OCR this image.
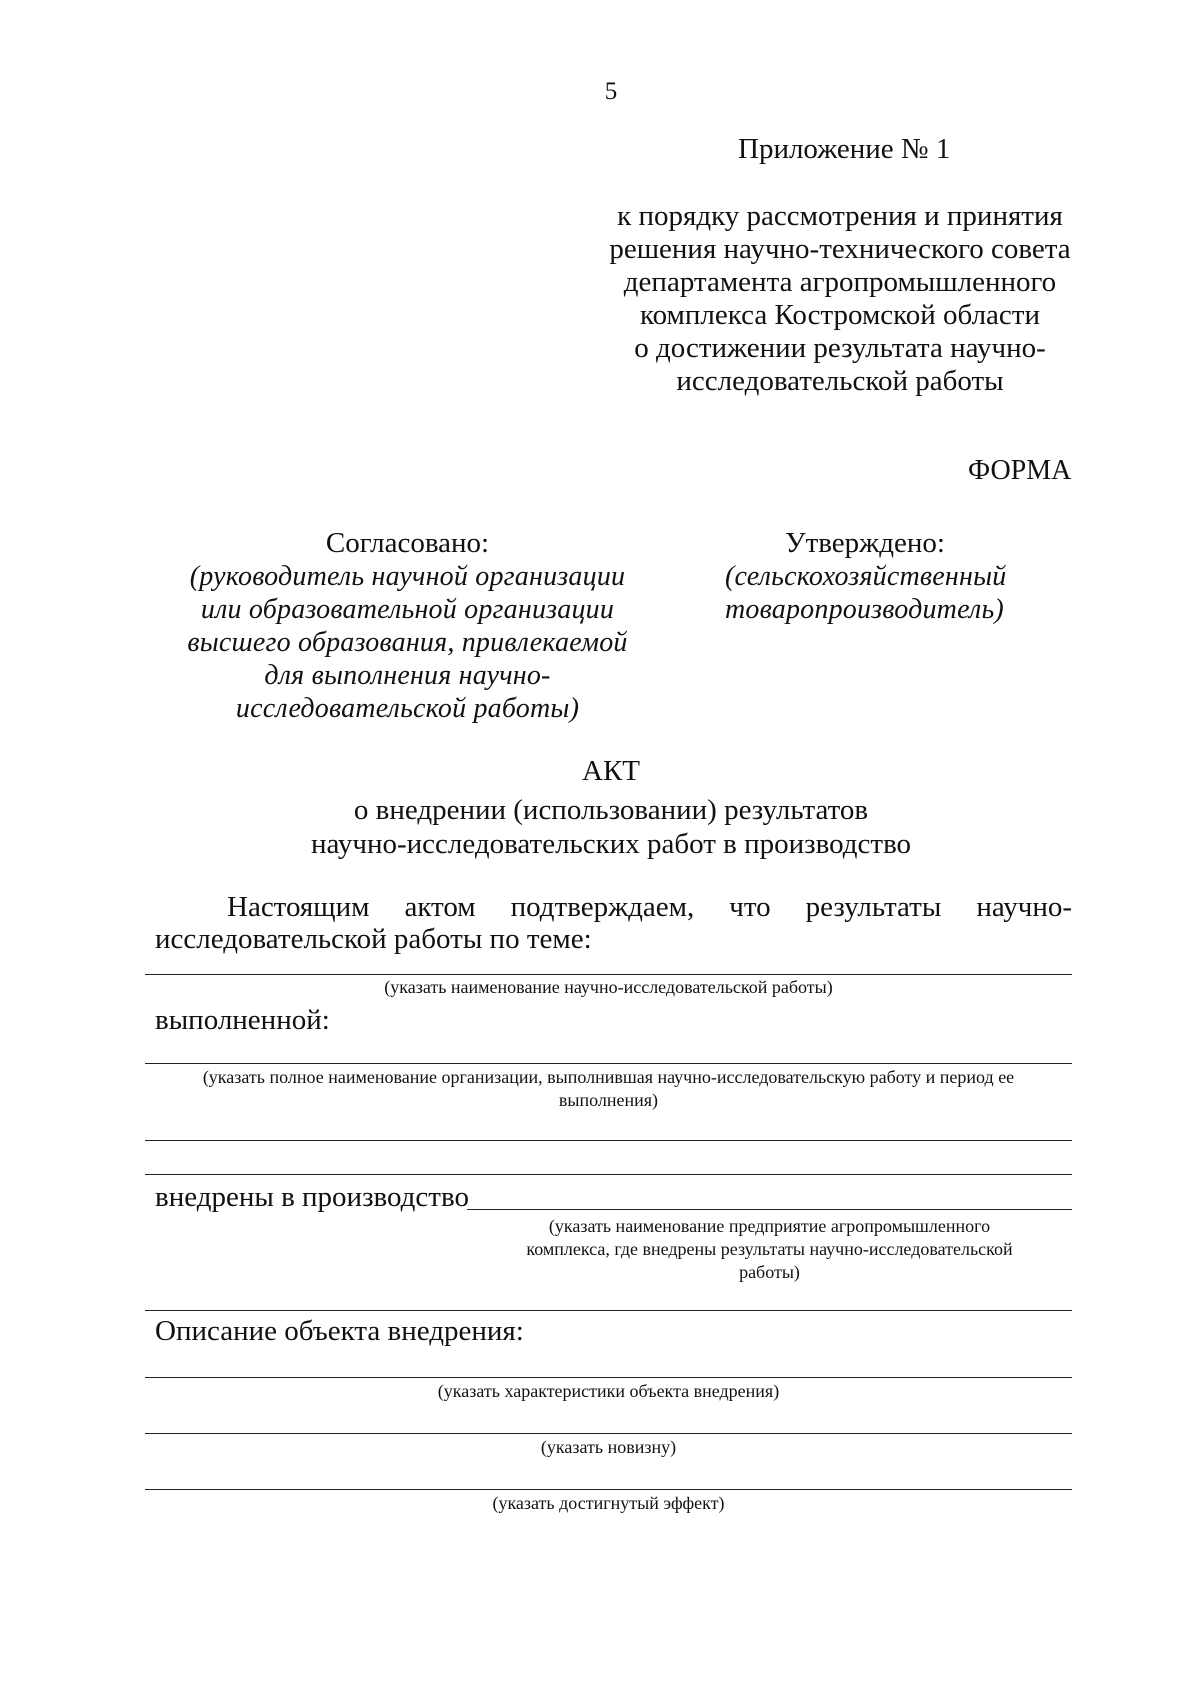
5
Приложение № 1
к порядку рассмотрения и принятия
решения научно-технического совета
департамента агропромышленного
комплекса Костромской области
о достижении результата научно-
исследовательской работы
ФОРМА
Согласовано:
(руководитель научной организации
или образовательной организации
высшего образования, привлекаемой
для выполнения научно-
исследовательской работы)
Утверждено:
(сельскохозяйственный
товаропроизводитель)
АКТ
о внедрении (использовании) результатов
научно-исследовательских работ в производство
Настоящим актом подтверждаем, что результаты научно-
исследовательской работы по теме:
(указать наименование научно-исследовательской работы)
выполненной:
(указать полное наименование организации, выполнившая научно-исследовательскую работу и период ее
выполнения)
внедрены в производство
(указать наименование предприятие агропромышленного
комплекса, где внедрены результаты научно-исследовательской
работы)
Описание объекта внедрения:
(указать характеристики объекта внедрения)
(указать новизну)
(указать достигнутый эффект)
